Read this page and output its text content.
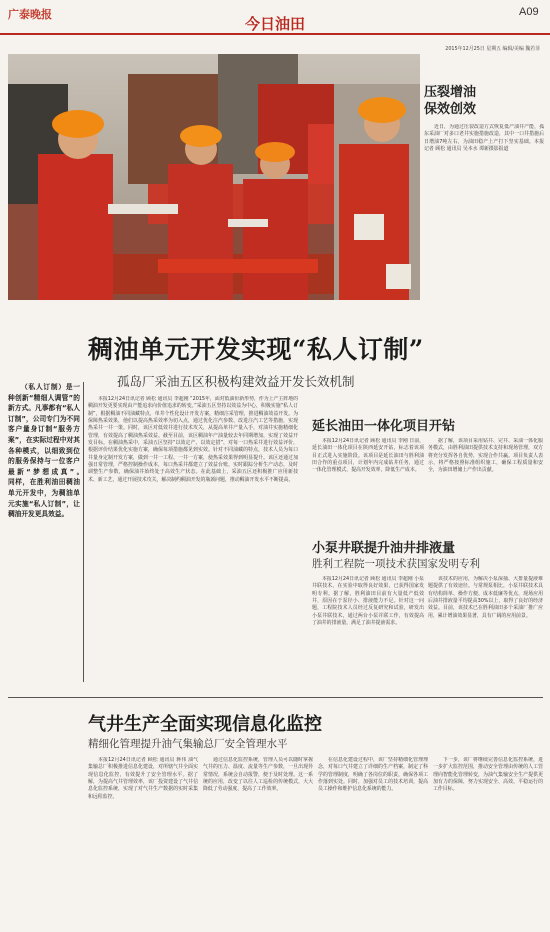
广泰晚报	A09
今日油田
2015年12月25日 星期五 编辑/美编 魏若菲
压裂增油
保效创效

近日，为通过压裂改造方式恢复低产油井产能，孤东采油厂对多口老井实施措施改造，其中一口井措施后日增油7吨左右，为油田稳产上产打下坚实基础。本报记者 顾松 通讯员 吴本水 谭新摄影报道

稠油单元开发实现“私人订制”
孤岛厂采油五区积极构建效益开发长效机制

（私人订制）是一种创新“精细人调管”的新方式。凡事都有“私人订制”，公司专门为不同客户量身订制“服务方案”，在实际过程中对其各种模式，以细致到位的服务保持与一位客户最新“梦想成真”。　　同样，在胜利油田稠油单元开发中，为稠油单元实施“私人订制”，让稠油开发更具效益。

本报12月24日讯记者 顾松 通讯员 李超刚 “2015年，面对低油价新形势，作为上产主阵地的稠油开发更要实现由产能追求向价值追求的转变。”采油五区坚持以效益为中心，积极实施“私人订制”，根据稠油不同油藏特点，单井个性化设计开发方案，精细注采管理，推进稠油效益开发。为保障热采效果，他们以提高热采效率为切入点，通过优化注汽参数、改进注汽工艺等措施，实现热采井一井一策。同时，该区对低效井进行技术攻关，从提高单井产量入手，对油井实施精细化管理，有效提高了稠油热采效益。截至目前，该区稠油年产油量较去年同期增加，实现了效益开发目标。在稠油热采中，采油五区坚持“以效定产、以效定措”，对每一口热采井进行效益评价，根据评价结果优化实施方案，确保每项措施都见到实效。针对不同油藏的特点，技术人员为每口井量身定制开发方案，做到一井一工程、一井一方案，使热采效果得到明显提升。该区还通过加强日常管理，严格控制操作成本，每口热采井都建立了效益台账，实时跟踪分析生产动态，及时调整生产参数，确保油井始终处于高效生产状态。在此基础上，采油五区还积极推广应用新技术、新工艺，通过开展技术攻关，解决制约稠油开发的瓶颈问题，推动稠油开发水平不断提高。

延长油田一体化项目开钻

本报12月24日讯记者 顾松 通讯员 李刚 日前，延长油田一体化项目在陕西延安开钻，标志着该项目正式进入实施阶段。该项目是延长油田与胜利油田合作的重点项目，计划年内完成钻井任务，通过一体化管理模式，提高开发效率，降低生产成本。

据了解，该项目采用钻井、完井、采油一体化服务模式，由胜利油田提供技术支持和现场管理，双方将充分发挥各自优势，实现合作共赢。项目负责人表示，将严格按照标准组织施工，确保工程质量和安全，为油田增储上产作出贡献。

小泵井联提升油井排液量
胜利工程院一项技术获国家发明专利

本报12月24日讯记者 顾松 通讯员 李超刚 小泵井联技术，在实验中取得良好效果，已获得国家发明专利。据了解，胜利油田目前有大量低产低效井，原因在于泵径小、排液能力不足。针对这一问题，工程院技术人员经过反复研究和试验，研发出小泵井联技术，通过两台小泵并联工作，有效提高了油井的排液量，满足了油井提液需求。

该技术的应用，为解决小泵深抽、大排量提液难题提供了有效途径。与常规泵相比，小泵井联技术具有结构简单、操作方便、成本低廉等优点，现场应用后油井排液量平均提高30%以上，取得了良好的经济效益。目前，该技术已在胜利油田多个采油厂推广应用，累计增油效果显著，具有广阔的应用前景。

气井生产全面实现信息化监控
精细化管理提升油气集输总厂安全管理水平

本报12月24日讯记者 顾松 通讯员 蒋伟 油气集输总厂积极推进信息化建设，对所辖气井全面实现信息化监控，有效提升了安全管理水平。据了解，为提高气井管理效率，该厂投资建设了气井信息化监控系统，实现了对气井生产数据的实时采集和远程监控。

通过信息化监控系统，管理人员可以随时掌握气井的压力、温度、流量等生产参数，一旦出现异常情况，系统会自动报警，便于及时处理。这一系统的应用，改变了以往人工巡检的传统模式，大大降低了劳动强度，提高了工作效率。

在信息化建设过程中，该厂坚持精细化管理理念，对每口气井建立了详细的生产档案，制定了科学的管理制度，明确了各岗位的职责，确保各项工作落到实处。同时，加强对员工的技术培训，提高员工操作和维护信息化系统的能力。

下一步，该厂将继续完善信息化监控系统，进一步扩大监控范围，推动安全管理由传统的人工管理向智能化管理转变，为油气集输安全生产提供更加有力的保障，努力实现安全、高效、平稳运行的工作目标。
